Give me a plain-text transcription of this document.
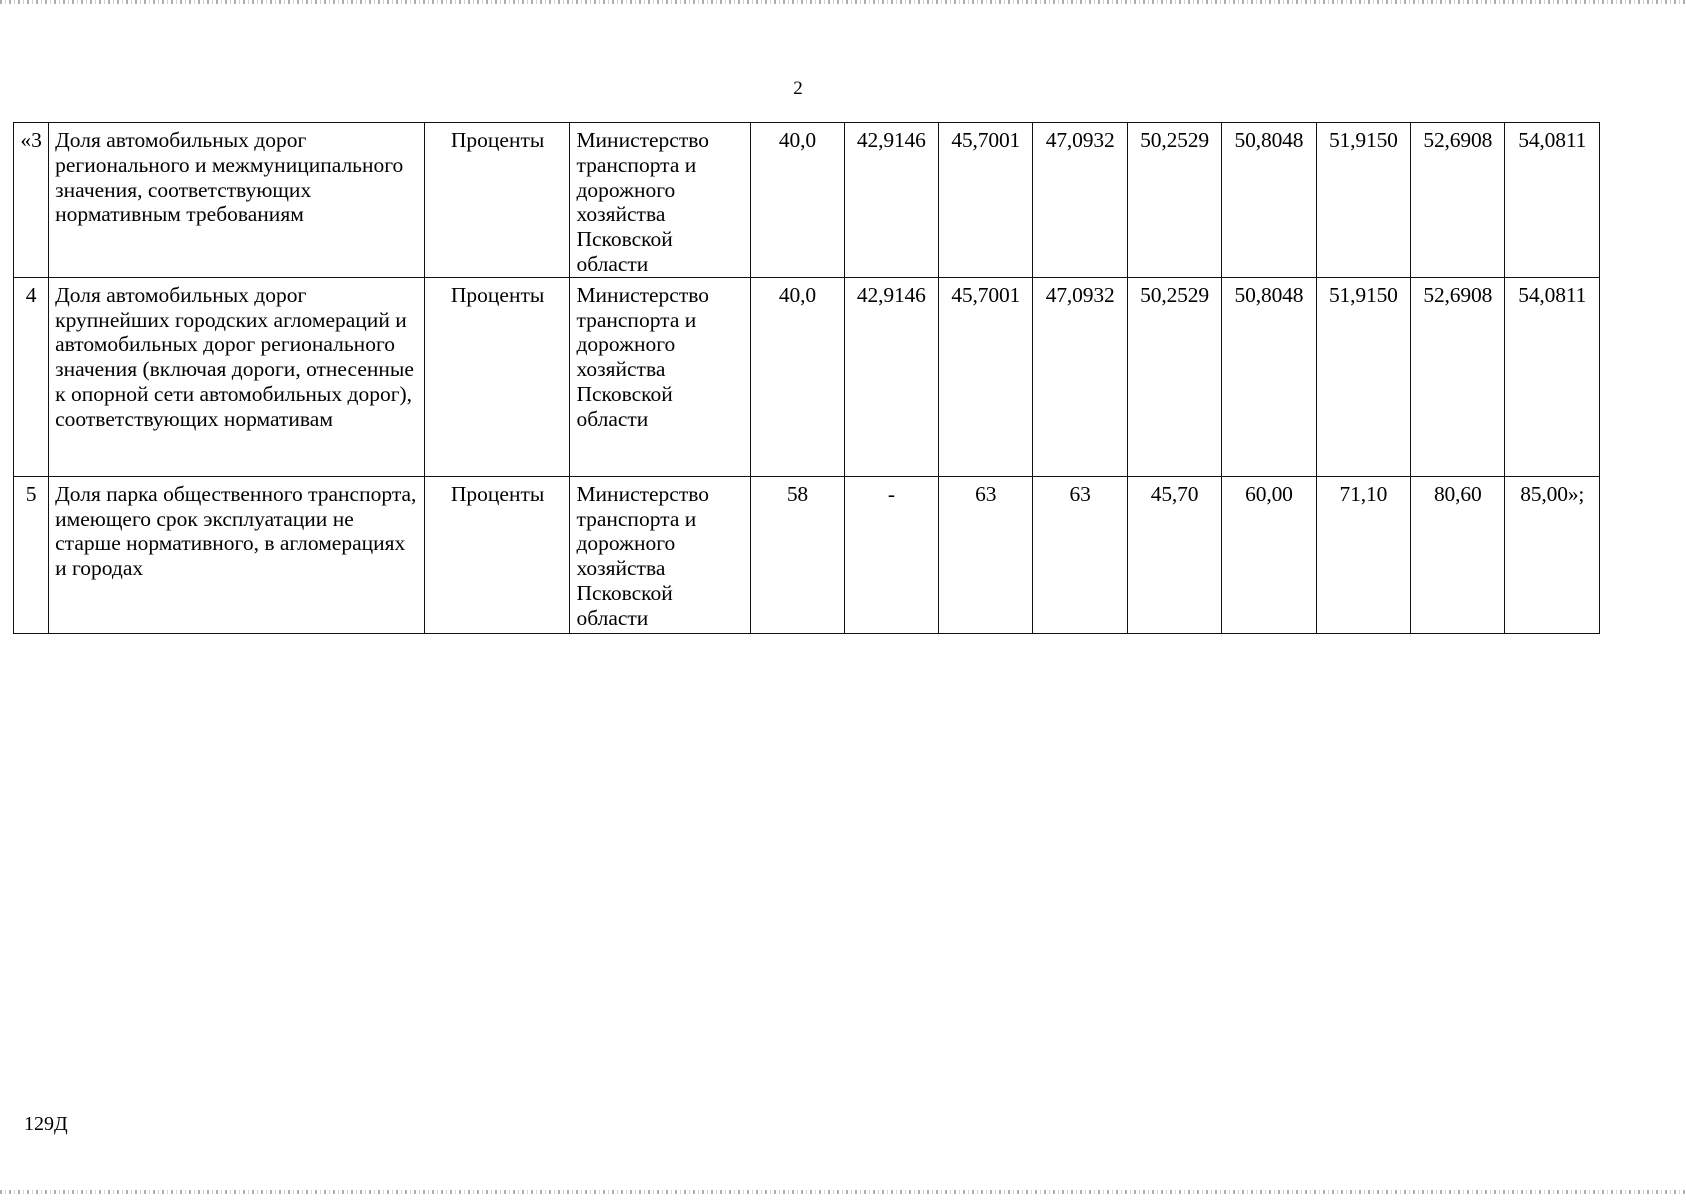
2
«3	Доля автомобильных дорог регионального и межмуниципального значения, соответствующих нормативным требованиям	Проценты	Министерство транспорта и дорожного хозяйства Псковской области	40,0	42,9146	45,7001	47,0932	50,2529	50,8048	51,9150	52,6908	54,0811
4	Доля автомобильных дорог крупнейших городских агломераций и автомобильных дорог регионального значения (включая дороги, отнесенные к опорной сети автомобильных дорог), соответствующих нормативам	Проценты	Министерство транспорта и дорожного хозяйства Псковской области	40,0	42,9146	45,7001	47,0932	50,2529	50,8048	51,9150	52,6908	54,0811
5	Доля парка общественного транспорта, имеющего срок эксплуатации не старше нормативного, в агломерациях и городах	Проценты	Министерство транспорта и дорожного хозяйства Псковской области	58	-	63	63	45,70	60,00	71,10	80,60	85,00»;
129Д
